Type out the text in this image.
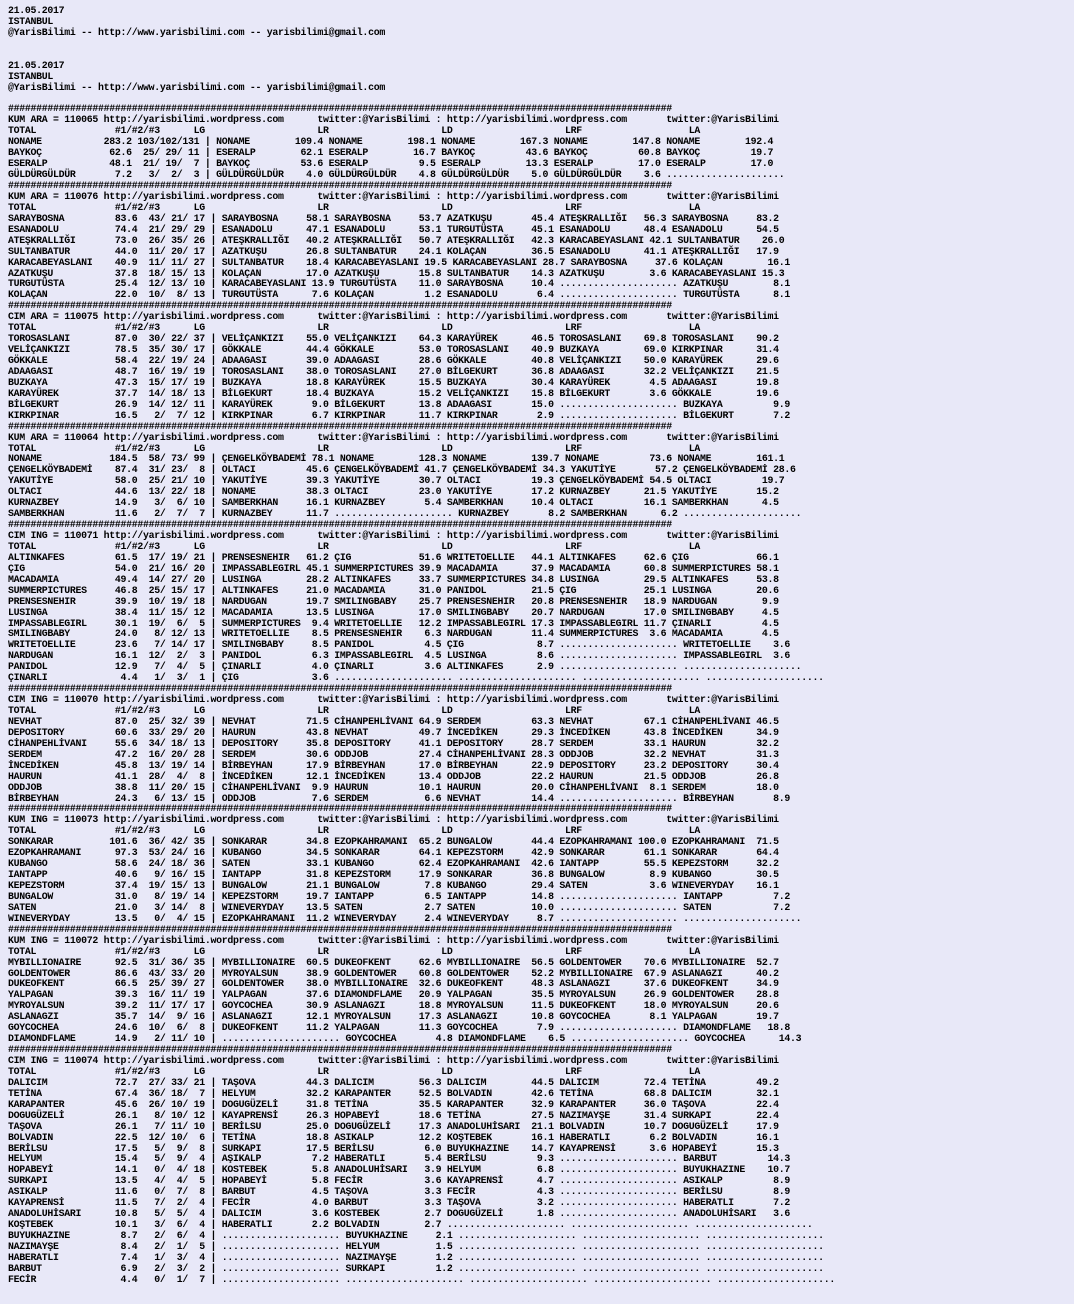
21.05.2017
ISTANBUL
@YarisBilimi -- http://www.yarisbilimi.com -- yarisbilimi@gmail.com
21.05.2017
ISTANBUL
@YarisBilimi -- http://www.yarisbilimi.com -- yarisbilimi@gmail.com
######################################################################################################################
KUM ARA = 110065 http://yarisbilimi.wordpress.com      twitter:@YarisBilimi : http://yarisbilimi.wordpress.com       twitter:@YarisBilimi
TOTAL              #1/#2/#3      LG                    LR                    LD                    LRF                   LA
NONAME           283.2 103/102/131 | NONAME        109.4 NONAME        198.1 NONAME        167.3 NONAME        147.8 NONAME        192.4
BAYKOÇ            62.6  25/ 29/ 11 | ESERALP        62.1 ESERALP        16.7 BAYKOÇ         43.6 BAYKOÇ         60.8 BAYKOÇ         19.7
ESERALP           48.1  21/ 19/  7 | BAYKOÇ         53.6 ESERALP         9.5 ESERALP        13.3 ESERALP        17.0 ESERALP        17.0
GÜLDÜRGÜLDÜR       7.2   3/  2/  3 | GÜLDÜRGÜLDÜR    4.0 GÜLDÜRGÜLDÜR    4.8 GÜLDÜRGÜLDÜR    5.0 GÜLDÜRGÜLDÜR    3.6 .....................
######################################################################################################################
KUM ARA = 110076 http://yarisbilimi.wordpress.com      twitter:@YarisBilimi : http://yarisbilimi.wordpress.com       twitter:@YarisBilimi
TOTAL              #1/#2/#3      LG                    LR                    LD                    LRF                   LA
SARAYBOSNA         83.6  43/ 21/ 17 | SARAYBOSNA     58.1 SARAYBOSNA     53.7 AZATKUŞU       45.4 ATEŞKRALLIĞI   56.3 SARAYBOSNA     83.2
ESANADOLU          74.4  21/ 29/ 29 | ESANADOLU      47.1 ESANADOLU      53.1 TURGUTÜSTA     45.1 ESANADOLU      48.4 ESANADOLU      54.5
ATEŞKRALLIĞI       73.0  26/ 35/ 26 | ATEŞKRALLIĞI   40.2 ATEŞKRALLIĞI   50.7 ATEŞKRALLIĞI   42.3 KARACABEYASLANI 42.1 SULTANBATUR    26.0
SULTANBATUR        44.0  11/ 20/ 17 | AZATKUŞU       26.8 SULTANBATUR    24.1 KOLAÇAN        36.5 ESANADOLU      41.1 ATEŞKRALLIĞI   17.9
KARACABEYASLANI    40.9  11/ 11/ 27 | SULTANBATUR    18.4 KARACABEYASLANI 19.5 KARACABEYASLANI 28.7 SARAYBOSNA     37.6 KOLAÇAN        16.1
AZATKUŞU           37.8  18/ 15/ 13 | KOLAÇAN        17.0 AZATKUŞU       15.8 SULTANBATUR    14.3 AZATKUŞU        3.6 KARACABEYASLANI 15.3
TURGUTÜSTA         25.4  12/ 13/ 10 | KARACABEYASLANI 13.9 TURGUTÜSTA    11.0 SARAYBOSNA     10.4 ..................... AZATKUŞU        8.1
KOLAÇAN            22.0  10/  8/ 13 | TURGUTÜSTA      7.6 KOLAÇAN         1.2 ESANADOLU       6.4 ..................... TURGUTÜSTA      8.1
######################################################################################################################
CIM ARA = 110075 http://yarisbilimi.wordpress.com      twitter:@YarisBilimi : http://yarisbilimi.wordpress.com       twitter:@YarisBilimi
TOTAL              #1/#2/#3      LG                    LR                    LD                    LRF                   LA
TOROSASLANI        87.0  30/ 22/ 37 | VELİÇANKIZI    55.0 VELİÇANKIZI    64.3 KARAYÜREK      46.5 TOROSASLANI    69.8 TOROSASLANI    90.2
VELİÇANKIZI        78.5  35/ 30/ 17 | GÖKKALE        44.4 GÖKKALE        53.0 TOROSASLANI    40.9 BUZKAYA        69.0 KIRKPINAR      31.4
GÖKKALE            58.4  22/ 19/ 24 | ADAAGASI       39.0 ADAAGASI       28.6 GÖKKALE        40.8 VELİÇANKIZI    50.0 KARAYÜREK      29.6
ADAAGASI           48.7  16/ 19/ 19 | TOROSASLANI    38.0 TOROSASLANI    27.0 BİLGEKURT      36.8 ADAAGASI       32.2 VELİÇANKIZI    21.5
BUZKAYA            47.3  15/ 17/ 19 | BUZKAYA        18.8 KARAYÜREK      15.5 BUZKAYA        30.4 KARAYÜREK       4.5 ADAAGASI       19.8
KARAYÜREK          37.7  14/ 18/ 13 | BİLGEKURT      18.4 BUZKAYA        15.2 VELİÇANKIZI    15.8 BİLGEKURT       3.6 GÖKKALE        19.6
BİLGEKURT          26.9  14/ 12/ 11 | KARAYÜREK       9.0 BİLGEKURT      13.8 ADAAGASI       15.0 ..................... BUZKAYA         9.9
KIRKPINAR          16.5   2/  7/ 12 | KIRKPINAR       6.7 KIRKPINAR      11.7 KIRKPINAR       2.9 ..................... BİLGEKURT       7.2
######################################################################################################################
KUM ARA = 110064 http://yarisbilimi.wordpress.com      twitter:@YarisBilimi : http://yarisbilimi.wordpress.com       twitter:@YarisBilimi
TOTAL              #1/#2/#3      LG                    LR                    LD                    LRF                   LA
NONAME            184.5  58/ 73/ 99 | ÇENGELKÖYBADEMİ 78.1 NONAME        128.3 NONAME        139.7 NONAME         73.6 NONAME        161.1
ÇENGELKÖYBADEMİ    87.4  31/ 23/  8 | OLTACI         45.6 ÇENGELKÖYBADEMİ 41.7 ÇENGELKÖYBADEMİ 34.3 YAKUTİYE       57.2 ÇENGELKÖYBADEMİ 28.6
YAKUTİYE           58.0  25/ 21/ 10 | YAKUTİYE       39.3 YAKUTİYE       30.7 OLTACI         19.3 ÇENGELKÖYBADEMİ 54.5 OLTACI         19.7
OLTACI             44.6  13/ 22/ 18 | NONAME         38.3 OLTACI         23.0 YAKUTİYE       17.2 KURNAZBEY      21.5 YAKUTİYE       15.2
KURNAZBEY          14.9   3/  6/ 10 | SAMBERKHAN     16.1 KURNAZBEY       5.4 SAMBERKHAN     10.4 OLTACI         16.1 SAMBERKHAN      4.5
SAMBERKHAN         11.6   2/  7/  7 | KURNAZBEY      11.7 ..................... KURNAZBEY       8.2 SAMBERKHAN      6.2 .....................
######################################################################################################################
CIM ING = 110071 http://yarisbilimi.wordpress.com      twitter:@YarisBilimi : http://yarisbilimi.wordpress.com       twitter:@YarisBilimi
TOTAL              #1/#2/#3      LG                    LR                    LD                    LRF                   LA
ALTINKAFES         61.5  17/ 19/ 21 | PRENSESNEHIR   61.2 ÇIG            51.6 WRITETOELLIE   44.1 ALTINKAFES     62.6 ÇIG            66.1
ÇIG                54.0  21/ 16/ 20 | IMPASSABLEGIRL 45.1 SUMMERPICTURES 39.9 MACADAMIA      37.9 MACADAMIA      60.8 SUMMERPICTURES 58.1
MACADAMIA          49.4  14/ 27/ 20 | LUSINGA        28.2 ALTINKAFES     33.7 SUMMERPICTURES 34.8 LUSINGA        29.5 ALTINKAFES     53.8
SUMMERPICTURES     46.8  25/ 15/ 17 | ALTINKAFES     21.0 MACADAMIA      31.0 PANIDOL        21.5 ÇIG            25.1 LUSINGA        20.6
PRENSESNEHIR       39.9  10/ 19/ 18 | NARDUGAN       19.7 SMILINGBABY    25.7 PRENSESNEHIR   20.8 PRENSESNEHIR   18.9 NARDUGAN        9.9
LUSINGA            38.4  11/ 15/ 12 | MACADAMIA      13.5 LUSINGA        17.0 SMILINGBABY    20.7 NARDUGAN       17.0 SMILINGBABY     4.5
IMPASSABLEGIRL     30.1  19/  6/  5 | SUMMERPICTURES  9.4 WRITETOELLIE   12.2 IMPASSABLEGIRL 17.3 IMPASSABLEGIRL 11.7 ÇINARLI         4.5
SMILINGBABY        24.0   8/ 12/ 13 | WRITETOELLIE    8.5 PRENSESNEHIR    6.3 NARDUGAN       11.4 SUMMERPICTURES  3.6 MACADAMIA       4.5
WRITETOELLIE       23.6   7/ 14/ 17 | SMILINGBABY     8.5 PANIDOL         4.5 ÇIG             8.7 ..................... WRITETOELLIE    3.6
NARDUGAN           16.1  12/  2/  3 | PANIDOL         6.3 IMPASSABLEGIRL  4.5 LUSINGA         8.6 ..................... IMPASSABLEGIRL  3.6
PANIDOL            12.9   7/  4/  5 | ÇINARLI         4.0 ÇINARLI         3.6 ALTINKAFES      2.9 ..................... .....................
ÇINARLI             4.4   1/  3/  1 | ÇIG             3.6 ..................... ..................... ..................... .....................
######################################################################################################################
CIM ING = 110070 http://yarisbilimi.wordpress.com      twitter:@YarisBilimi : http://yarisbilimi.wordpress.com       twitter:@YarisBilimi
TOTAL              #1/#2/#3      LG                    LR                    LD                    LRF                   LA
NEVHAT             87.0  25/ 32/ 39 | NEVHAT         71.5 CİHANPEHLİVANI 64.9 SERDEM         63.3 NEVHAT         67.1 CİHANPEHLİVANI 46.5
DEPOSITORY         60.6  33/ 29/ 20 | HAURUN         43.8 NEVHAT         49.7 İNCEDİKEN      29.3 İNCEDİKEN      43.8 İNCEDİKEN      34.9
CİHANPEHLİVANI     55.6  34/ 18/ 13 | DEPOSITORY     35.8 DEPOSITORY     41.1 DEPOSITORY     28.7 SERDEM         33.1 HAURUN         32.2
SERDEM             47.2  16/ 20/ 28 | SERDEM         30.6 ODDJOB         27.4 CİHANPEHLİVANI 28.3 ODDJOB         32.2 NEVHAT         31.3
İNCEDİKEN          45.8  13/ 19/ 14 | BİRBEYHAN      17.9 BİRBEYHAN      17.0 BİRBEYHAN      22.9 DEPOSITORY     23.2 DEPOSITORY     30.4
HAURUN             41.1  28/  4/  8 | İNCEDİKEN      12.1 İNCEDİKEN      13.4 ODDJOB         22.2 HAURUN         21.5 ODDJOB         26.8
ODDJOB             38.8  11/ 20/ 15 | CİHANPEHLİVANI  9.9 HAURUN         10.1 HAURUN         20.0 CİHANPEHLİVANI  8.1 SERDEM         18.0
BİRBEYHAN          24.3   6/ 13/ 15 | ODDJOB          7.6 SERDEM          6.6 NEVHAT         14.4 ..................... BİRBEYHAN       8.9
######################################################################################################################
KUM ING = 110073 http://yarisbilimi.wordpress.com      twitter:@YarisBilimi : http://yarisbilimi.wordpress.com       twitter:@YarisBilimi
TOTAL              #1/#2/#3      LG                    LR                    LD                    LRF                   LA
SONKARAR          101.6  36/ 42/ 35 | SONKARAR       34.8 EZOPKAHRAMANI  65.2 BUNGALOW       44.4 EZOPKAHRAMANI 100.0 EZOPKAHRAMANI  71.5
EZOPKAHRAMANI      97.3  53/ 24/ 16 | KUBANGO        34.5 SONKARAR       64.1 KEPEZSTORM     42.9 SONKARAR       61.1 SONKARAR       64.4
KUBANGO            58.6  24/ 18/ 36 | SATEN          33.1 KUBANGO        62.4 EZOPKAHRAMANI  42.6 IANTAPP        55.5 KEPEZSTORM     32.2
IANTAPP            40.6   9/ 16/ 15 | IANTAPP        31.8 KEPEZSTORM     17.9 SONKARAR       36.8 BUNGALOW        8.9 KUBANGO        30.5
KEPEZSTORM         37.4  19/ 15/ 13 | BUNGALOW       21.1 BUNGALOW        7.8 KUBANGO        29.4 SATEN           3.6 WINEVERYDAY    16.1
BUNGALOW           31.0   8/ 19/ 14 | KEPEZSTORM     19.7 IANTAPP         6.5 IANTAPP        14.8 ..................... IANTAPP         7.2
SATEN              21.0   3/ 14/  8 | WINEVERYDAY    13.5 SATEN           2.7 SATEN          10.0 ..................... SATEN           7.2
WINEVERYDAY        13.5   0/  4/ 15 | EZOPKAHRAMANI  11.2 WINEVERYDAY     2.4 WINEVERYDAY     8.7 ..................... .....................
######################################################################################################################
KUM ING = 110072 http://yarisbilimi.wordpress.com      twitter:@YarisBilimi : http://yarisbilimi.wordpress.com       twitter:@YarisBilimi
TOTAL              #1/#2/#3      LG                    LR                    LD                    LRF                   LA
MYBILLIONAIRE      92.5  31/ 36/ 35 | MYBILLIONAIRE  60.5 DUKEOFKENT     62.6 MYBILLIONAIRE  56.5 GOLDENTOWER    70.6 MYBILLIONAIRE  52.7
GOLDENTOWER        86.6  43/ 33/ 20 | MYROYALSUN     38.9 GOLDENTOWER    60.8 GOLDENTOWER    52.2 MYBILLIONAIRE  67.9 ASLANAGZI      40.2
DUKEOFKENT         66.5  25/ 39/ 27 | GOLDENTOWER    38.0 MYBILLIONAIRE  32.6 DUKEOFKENT     48.3 ASLANAGZI      37.6 DUKEOFKENT     34.9
YALPAGAN           39.3  16/ 11/ 19 | YALPAGAN       37.6 DIAMONDFLAME   20.9 YALPAGAN       35.5 MYROYALSUN     26.9 GOLDENTOWER    28.8
MYROYALSUN         39.2  11/ 17/ 17 | GOYCOCHEA      30.9 ASLANAGZI      18.8 MYROYALSUN     11.5 DUKEOFKENT     18.0 MYROYALSUN     20.6
ASLANAGZI          35.7  14/  9/ 16 | ASLANAGZI      12.1 MYROYALSUN     17.3 ASLANAGZI      10.8 GOYCOCHEA       8.1 YALPAGAN       19.7
GOYCOCHEA          24.6  10/  6/  8 | DUKEOFKENT     11.2 YALPAGAN       11.3 GOYCOCHEA       7.9 ..................... DIAMONDFLAME   18.8
DIAMONDFLAME       14.9   2/ 11/ 10 | ..................... GOYCOCHEA       4.8 DIAMONDFLAME    6.5 ..................... GOYCOCHEA      14.3
######################################################################################################################
CIM ING = 110074 http://yarisbilimi.wordpress.com      twitter:@YarisBilimi : http://yarisbilimi.wordpress.com       twitter:@YarisBilimi
TOTAL              #1/#2/#3      LG                    LR                    LD                    LRF                   LA
DALICIM            72.7  27/ 33/ 21 | TAŞOVA         44.3 DALICIM        56.3 DALICIM        44.5 DALICIM        72.4 TETİNA         49.2
TETİNA             67.4  36/ 18/  7 | HELYUM         32.2 KARAPANTER     52.5 BOLVADIN       42.6 TETİNA         68.8 DALICIM        32.1
KARAPANTER         45.6  26/ 10/ 19 | DOGUGÜZELİ     31.8 TETİNA         35.5 KARAPANTER     32.9 KARAPANTER     36.0 TAŞOVA         22.4
DOGUGÜZELİ         26.1   8/ 10/ 12 | KAYAPRENSİ     26.3 HOPABEYİ       18.6 TETİNA         27.5 NAZIMAYŞE      31.4 SURKAPI        22.4
TAŞOVA             26.1   7/ 11/ 10 | BERİLSU        25.0 DOGUGÜZELİ     17.3 ANADOLUHİSARI  21.1 BOLVADIN       10.7 DOGUGÜZELİ     17.9
BOLVADIN           22.5  12/ 10/  6 | TETİNA         18.8 ASIKALP        12.2 KOŞTEBEK       16.1 HABERATLI       6.2 BOLVADIN       16.1
BERİLSU            17.5   5/  9/  8 | SURKAPI        17.5 BERİLSU         6.0 BUYUKHAZINE    14.7 KAYAPRENSİ      3.6 HOPABEYİ       15.3
HELYUM             15.4   5/  9/  4 | AŞIKALP         7.2 HABERATLI       5.4 BERİLSU         9.3 ..................... BARBUT         14.3
HOPABEYİ           14.1   0/  4/ 18 | KOSTEBEK        5.8 ANADOLUHİSARI   3.9 HELYUM          6.8 ..................... BUYUKHAZINE    10.7
SURKAPI            13.5   4/  4/  5 | HOPABEYİ        5.8 FECİR           3.6 KAYAPRENSİ      4.7 ..................... ASIKALP         8.9
ASIKALP            11.6   0/  7/  8 | BARBUT          4.5 TAŞOVA          3.3 FECİR           4.3 ..................... BERİLSU         8.9
KAYAPRENSİ         11.5   7/  2/  4 | FECİR           4.0 BARBUT          3.3 TAŞOVA          3.2 ..................... HABERATLI       7.2
ANADOLUHİSARI      10.8   5/  5/  4 | DALICIM         3.6 KOSTEBEK        2.7 DOGUGÜZELİ      1.8 ..................... ANADOLUHİSARI   3.6
KOŞTEBEK           10.1   3/  6/  4 | HABERATLI       2.2 BOLVADIN        2.7 ..................... ..................... .....................
BUYUKHAZINE         8.7   2/  6/  4 | ..................... BUYUKHAZINE     2.1 ..................... ..................... .....................
NAZIMAYŞE           8.4   2/  1/  5 | ..................... HELYUM          1.5 ..................... ..................... .....................
HABERATLI           7.4   1/  3/  4 | ..................... NAZIMAYŞE       1.2 ..................... ..................... .....................
BARBUT              6.9   2/  3/  2 | ..................... SURKAPI         1.2 ..................... ..................... .....................
FECİR               4.4   0/  1/  7 | ..................... ..................... ..................... ..................... .....................
